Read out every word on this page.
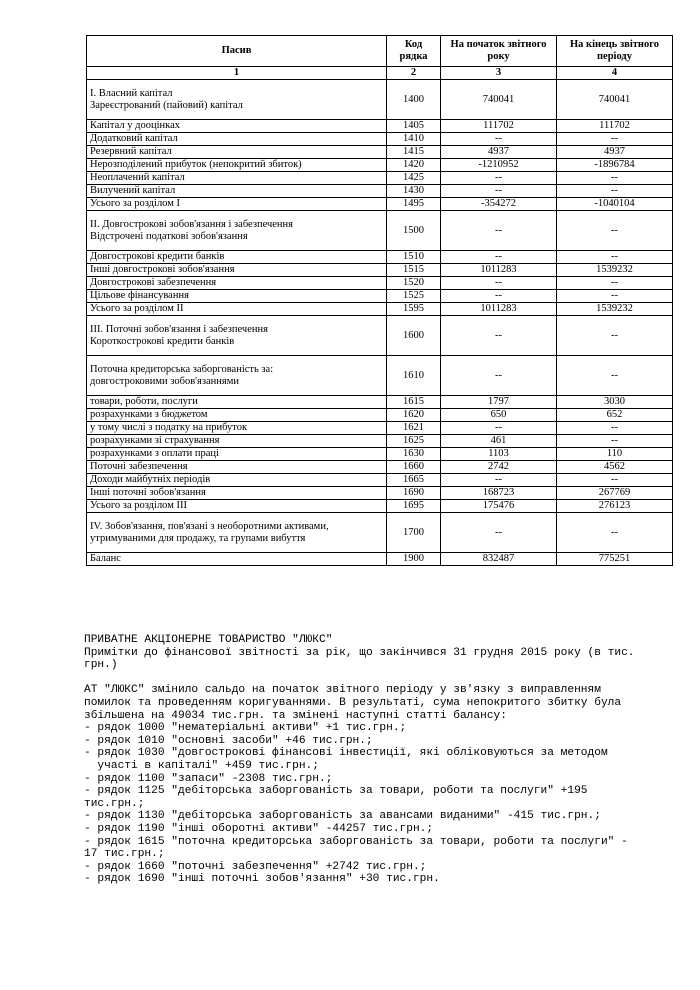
Пасив	Код рядка	На початок звітного року	На кінець звітного періоду
1	2	3	4

І. Власний капітал
Зареєстрований (пайовий) капітал	1400	740041	740041

Капітал у дооцінках	1405	111702	111702

Додатковий капітал	1410	--	--

Резервний капітал	1415	4937	4937

Нерозподілений прибуток (непокритий збиток)	1420	-1210952	-1896784

Неоплачений капітал	1425	--	--

Вилучений капітал	1430	--	--

Усього за розділом І	1495	-354272	-1040104

ІІ. Довгострокові зобов'язання і забезпечення
Відстрочені податкові зобов'язання	1500	--	--

Довгострокові кредити банків	1510	--	--

Інші довгострокові зобов'язання	1515	1011283	1539232

Довгострокові забезпечення	1520	--	--

Цільове фінансування	1525	--	--

Усього за розділом ІІ	1595	1011283	1539232

ІІІ. Поточні зобов'язання і забезпечення
Короткострокові кредити банків	1600	--	--

Поточна кредиторська заборгованість за:
довгостроковими зобов'язаннями	1610	--	--

товари, роботи, послуги	1615	1797	3030

розрахунками з бюджетом	1620	650	652

у тому числі з податку на прибуток	1621	--	--

розрахунками зі страхування	1625	461	--

розрахунками з оплати праці	1630	1103	110

Поточні забезпечення	1660	2742	4562

Доходи майбутніх періодів	1665	--	--

Інші поточні зобов'язання	1690	168723	267769

Усього за розділом ІІІ	1695	175476	276123

IV. Зобов'язання, пов'язані з необоротними активами,
утримуваними для продажу, та групами вибуття	1700	--	--

Баланс	1900	832487	775251
ПРИВАТНЕ АКЦІОНЕРНЕ ТОВАРИСТВО "ЛЮКС"
Примітки до фінансової звітності за рік, що закінчився 31 грудня 2015 року (в тис.
грн.)
АТ "ЛЮКС" змінило сальдо на початок звітного періоду у зв'язку з виправленням
помилок та проведенням коригуваннями. В результаті, сума непокритого збитку була
збільшена на 49034 тис.грн. та змінені наступні статті балансу:
- рядок 1000 "нематеріальні активи" +1 тис.грн.;
- рядок 1010 "основні засоби" +46 тис.грн.;
- рядок 1030 "довгострокові фінансові інвестиції, які обліковуються за методом
участі в капіталі" +459 тис.грн.;
- рядок 1100 "запаси" -2308 тис.грн.;
- рядок 1125 "дебіторська заборгованість за товари, роботи та послуги" +195
тис.грн.;
- рядок 1130 "дебіторська заборгованість за авансами виданими" -415 тис.грн.;
- рядок 1190 "інші оборотні активи" -44257 тис.грн.;
- рядок 1615 "поточна кредиторська заборгованість за товари, роботи та послуги" -
17 тис.грн.;
- рядок 1660 "поточні забезпечення" +2742 тис.грн.;
- рядок 1690 "інші поточні зобов'язання" +30 тис.грн.
